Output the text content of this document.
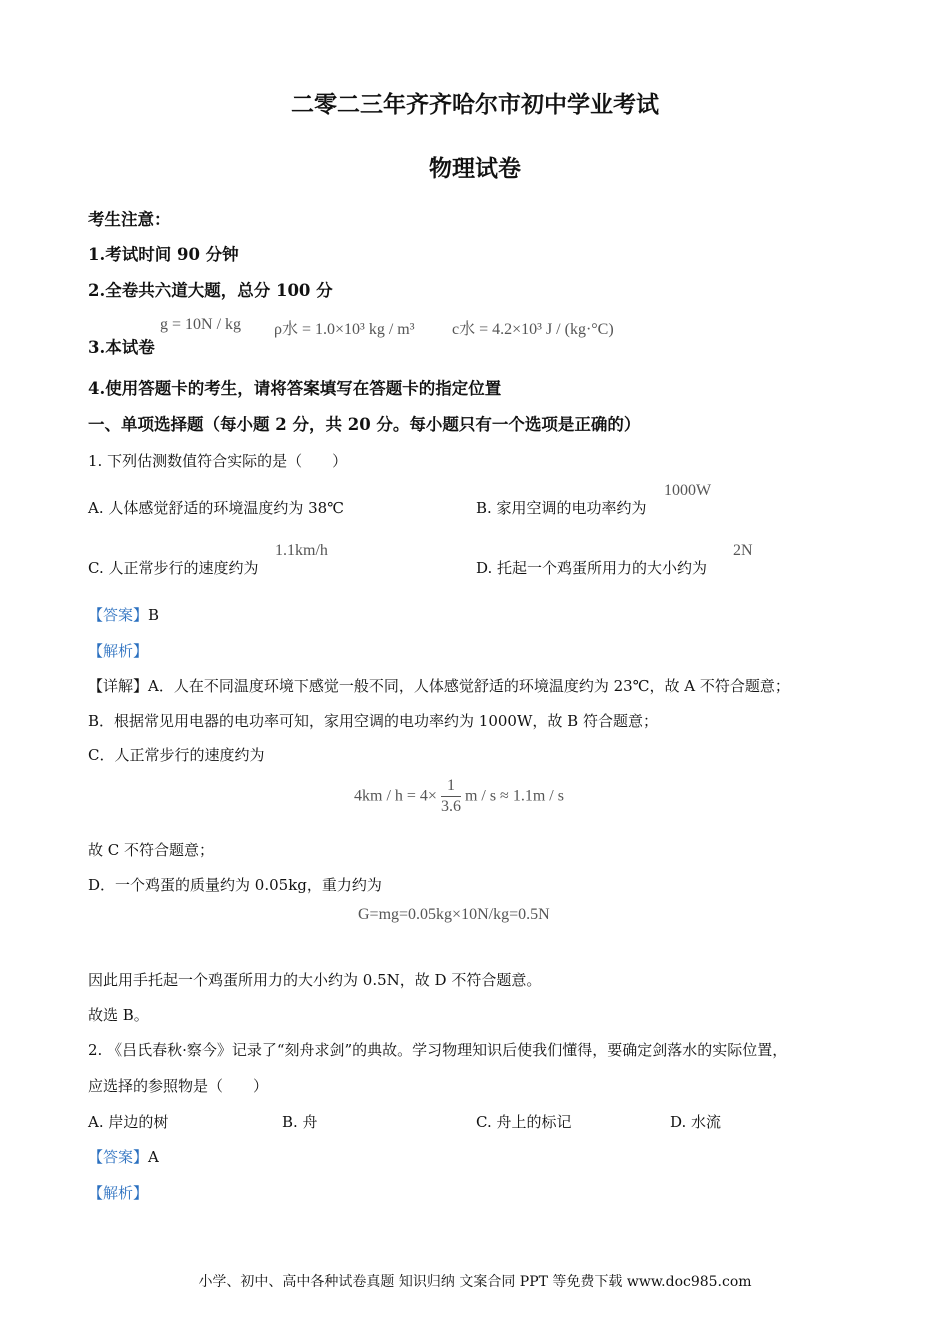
二零二三年齐齐哈尔市初中学业考试
物理试卷
考生注意：
1.考试时间 90 分钟
2.全卷共六道大题，总分 100 分
3.本试卷
g = 10N / kg ρ水 = 1.0×10³ kg / m³ c水 = 4.2×10³ J / (kg·°C)
4.使用答题卡的考生，请将答案填写在答题卡的指定位置
一、单项选择题（每小题 2 分，共 20 分。每小题只有一个选项是正确的）
1. 下列估测数值符合实际的是（　　）
A. 人体感觉舒适的环境温度约为 38℃	B. 家用空调的电功率约为
1000W
C. 人正常步行的速度约为
1.1km/h
D. 托起一个鸡蛋所用力的大小约为
2N
【答案】B
【解析】
【详解】A．人在不同温度环境下感觉一般不同，人体感觉舒适的环境温度约为 23℃，故 A 不符合题意；
B．根据常见用电器的电功率可知，家用空调的电功率约为 1000W，故 B 符合题意；
C．人正常步行的速度约为
$4km / h = 4\times \frac{1}{3.6}$ m / s ≈ 1.1m / s
故 C 不符合题意；
D．一个鸡蛋的质量约为 0.05kg，重力约为
G=mg=0.05kg×10N/kg=0.5N
因此用手托起一个鸡蛋所用力的大小约为 0.5N，故 D 不符合题意。
故选 B。
2. 《吕氏春秋·察今》记录了“刻舟求剑”的典故。学习物理知识后使我们懂得，要确定剑落水的实际位置，
应选择的参照物是（　　）
A. 岸边的树	B. 舟	C. 舟上的标记	D. 水流
【答案】A
【解析】
小学、初中、高中各种试卷真题 知识归纳 文案合同 PPT 等免费下载 www.doc985.com
